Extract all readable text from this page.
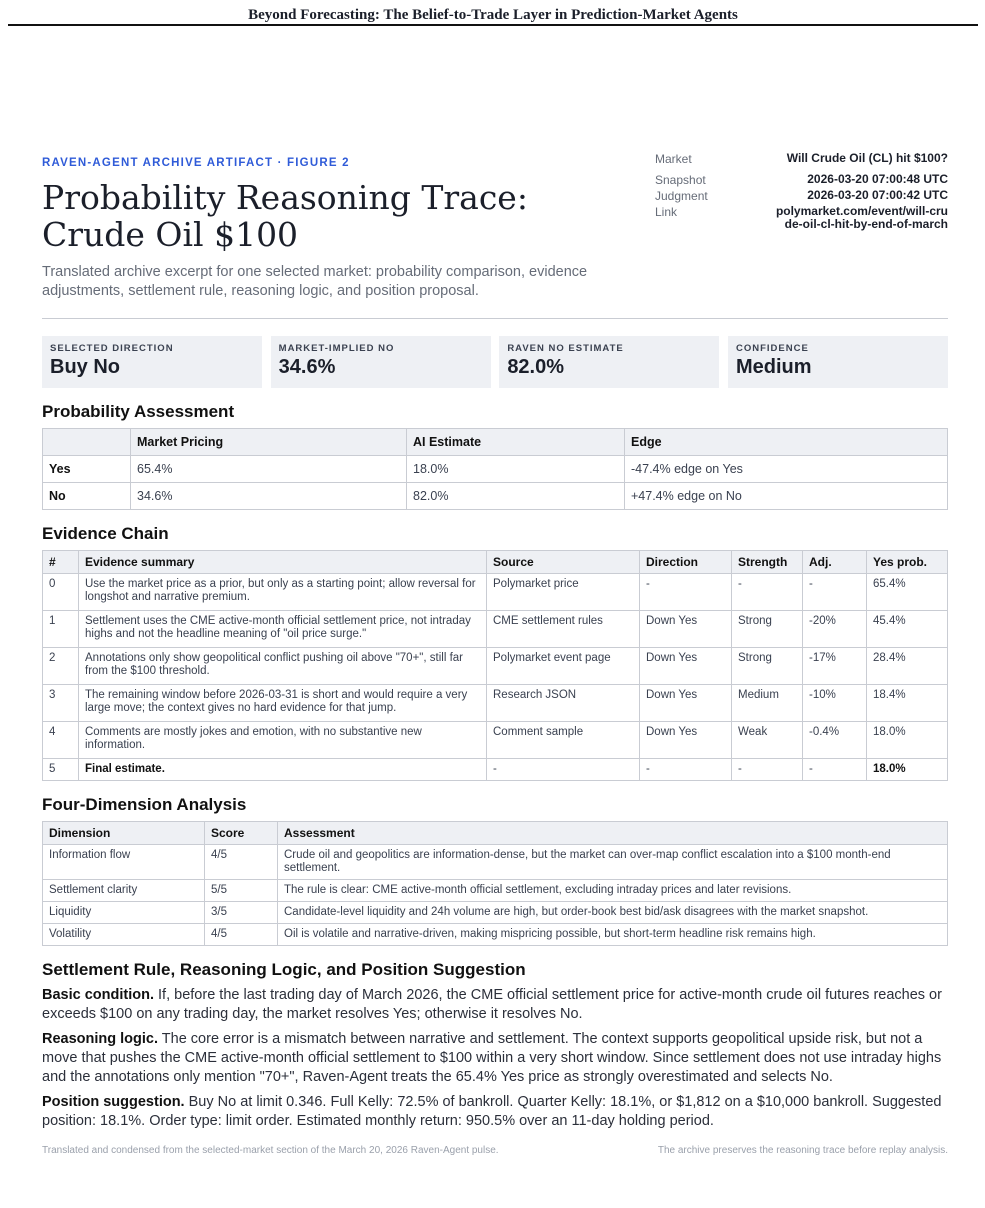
Beyond Forecasting: The Belief-to-Trade Layer in Prediction-Market Agents
RAVEN-AGENT ARCHIVE ARTIFACT · FIGURE 2
Probability Reasoning Trace:
Crude Oil $100
Translated archive excerpt for one selected market: probability comparison, evidence adjustments, settlement rule, reasoning logic, and position proposal.
Market	Will Crude Oil (CL) hit $100?
Snapshot	2026-03-20 07:00:48 UTC
Judgment	2026-03-20 07:00:42 UTC
Link	polymarket.com/event/will-crude-oil-cl-hit-by-end-of-march
SELECTED DIRECTION
Buy No
MARKET-IMPLIED NO
34.6%
RAVEN NO ESTIMATE
82.0%
CONFIDENCE
Medium
Probability Assessment
	Market Pricing	AI Estimate	Edge
Yes	65.4%	18.0%	-47.4% edge on Yes
No	34.6%	82.0%	+47.4% edge on No
Evidence Chain
#	Evidence summary	Source	Direction	Strength	Adj.	Yes prob.
0	Use the market price as a prior, but only as a starting point; allow reversal for longshot and narrative premium.	Polymarket price	-	-	-	65.4%
1	Settlement uses the CME active-month official settlement price, not intraday highs and not the headline meaning of "oil price surge."	CME settlement rules	Down Yes	Strong	-20%	45.4%
2	Annotations only show geopolitical conflict pushing oil above "70+", still far from the $100 threshold.	Polymarket event page	Down Yes	Strong	-17%	28.4%
3	The remaining window before 2026-03-31 is short and would require a very large move; the context gives no hard evidence for that jump.	Research JSON	Down Yes	Medium	-10%	18.4%
4	Comments are mostly jokes and emotion, with no substantive new information.	Comment sample	Down Yes	Weak	-0.4%	18.0%
5	Final estimate.	-	-	-	-	18.0%
Four-Dimension Analysis
Dimension	Score	Assessment
Information flow	4/5	Crude oil and geopolitics are information-dense, but the market can over-map conflict escalation into a $100 month-end settlement.
Settlement clarity	5/5	The rule is clear: CME active-month official settlement, excluding intraday prices and later revisions.
Liquidity	3/5	Candidate-level liquidity and 24h volume are high, but order-book best bid/ask disagrees with the market snapshot.
Volatility	4/5	Oil is volatile and narrative-driven, making mispricing possible, but short-term headline risk remains high.
Settlement Rule, Reasoning Logic, and Position Suggestion

Basic condition. If, before the last trading day of March 2026, the CME official settlement price for active-month crude oil futures reaches or exceeds $100 on any trading day, the market resolves Yes; otherwise it resolves No.

Reasoning logic. The core error is a mismatch between narrative and settlement. The context supports geopolitical upside risk, but not a move that pushes the CME active-month official settlement to $100 within a very short window. Since settlement does not use intraday highs and the annotations only mention "70+", Raven-Agent treats the 65.4% Yes price as strongly overestimated and selects No.

Position suggestion. Buy No at limit 0.346. Full Kelly: 72.5% of bankroll. Quarter Kelly: 18.1%, or $1,812 on a $10,000 bankroll. Suggested position: 18.1%. Order type: limit order. Estimated monthly return: 950.5% over an 11-day holding period.

Translated and condensed from the selected-market section of the March 20, 2026 Raven-Agent pulse.	The archive preserves the reasoning trace before replay analysis.
